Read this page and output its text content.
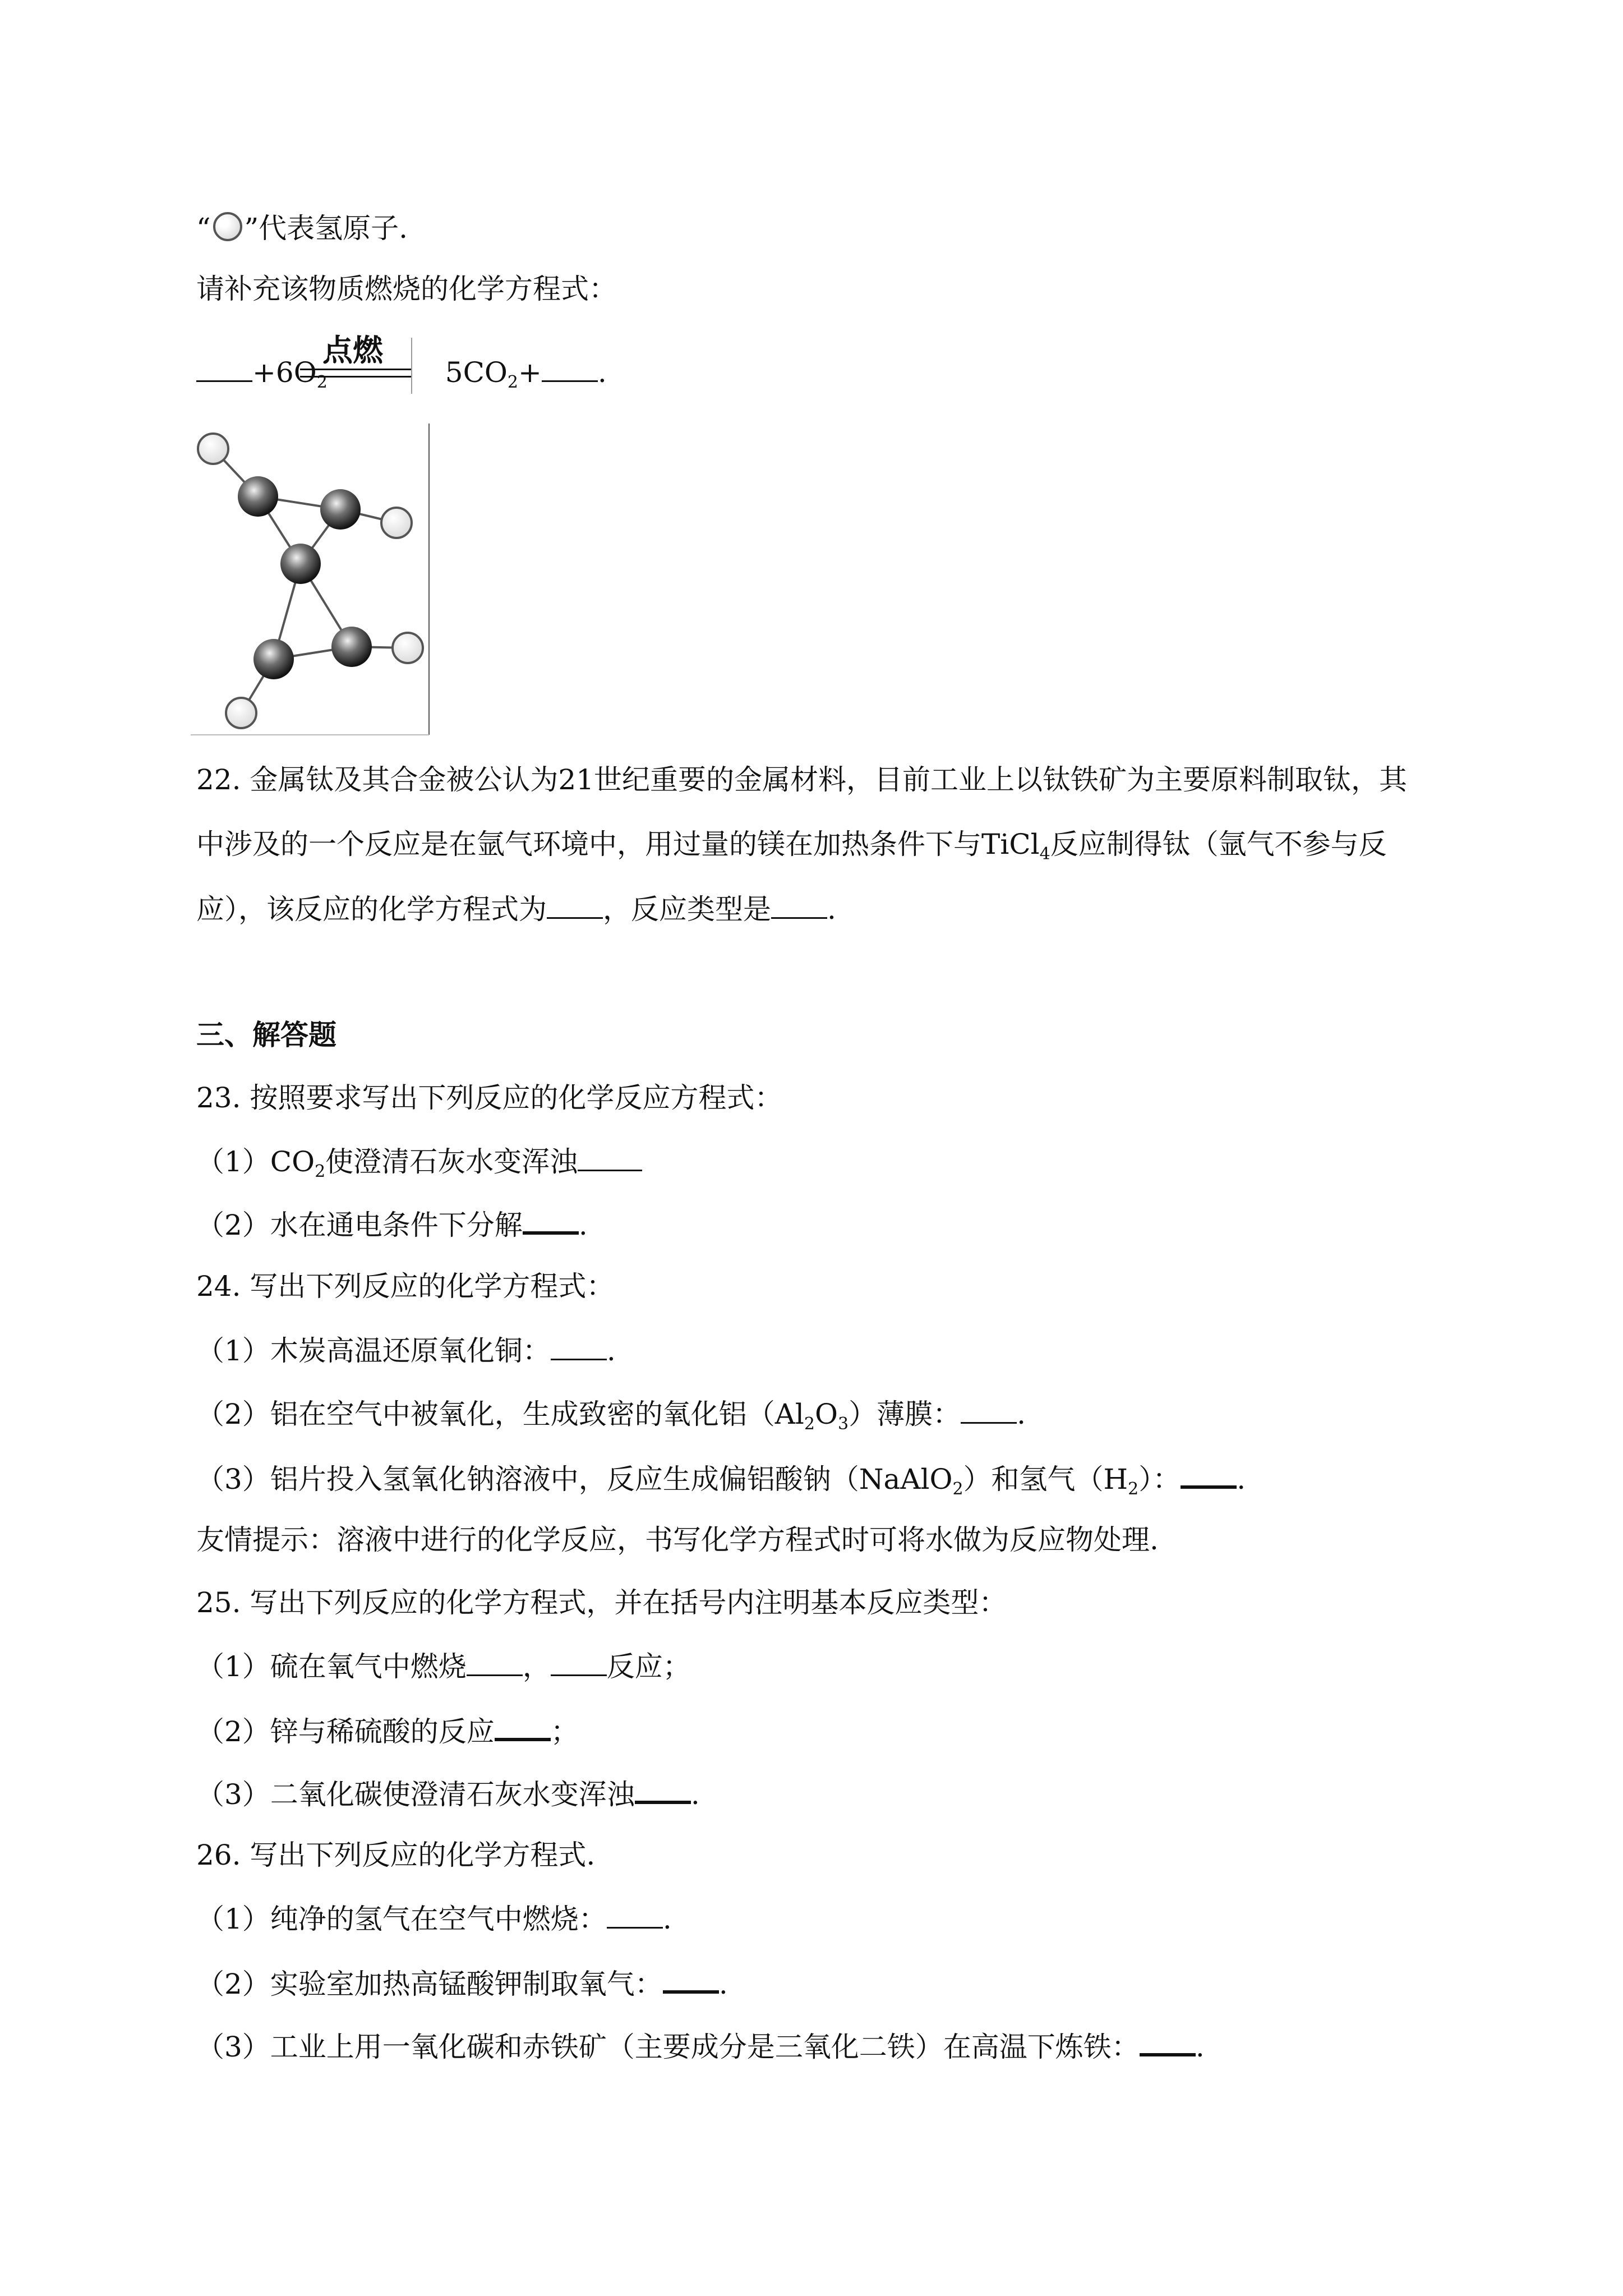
“ ”代表氢原子.
请补充该物质燃烧的化学方程式：
$+6O_2$	$5CO_2+$ .
点燃
22. 金属钛及其合金被公认为21世纪重要的金属材料，目前工业上以钛铁矿为主要原料制取钛，其
中涉及的一个反应是在氩气环境中，用过量的镁在加热条件下与TiCl$_4$反应制得钛（氩气不参与反
应），该反应的化学方程式为 ，反应类型是 .
三、解答题
23. 按照要求写出下列反应的化学反应方程式：
$(1)CO_2$使澄清石灰水变浑浊
（2）水在通电条件下分解 .
24. 写出下列反应的化学方程式：
（1）木炭高温还原氧化铜： .
（2）铝在空气中被氧化，生成致密的氧化铝$(Al_2O_3)$薄膜： .
（3）铝片投入氢氧化钠溶液中，反应生成偏铝酸钠（NaAlO$_2$）和氢气$(H_2)$： .
友情提示：溶液中进行的化学反应，书写化学方程式时可将水做为反应物处理.
25. 写出下列反应的化学方程式，并在括号内注明基本反应类型：
（1）硫在氧气中燃烧 ， 反应；
（2）锌与稀硫酸的反应 ；
（3）二氧化碳使澄清石灰水变浑浊 .
26. 写出下列反应的化学方程式.
（1）纯净的氢气在空气中燃烧： .
（2）实验室加热高锰酸钾制取氧气： .
（3）工业上用一氧化碳和赤铁矿（主要成分是三氧化二铁）在高温下炼铁： .
